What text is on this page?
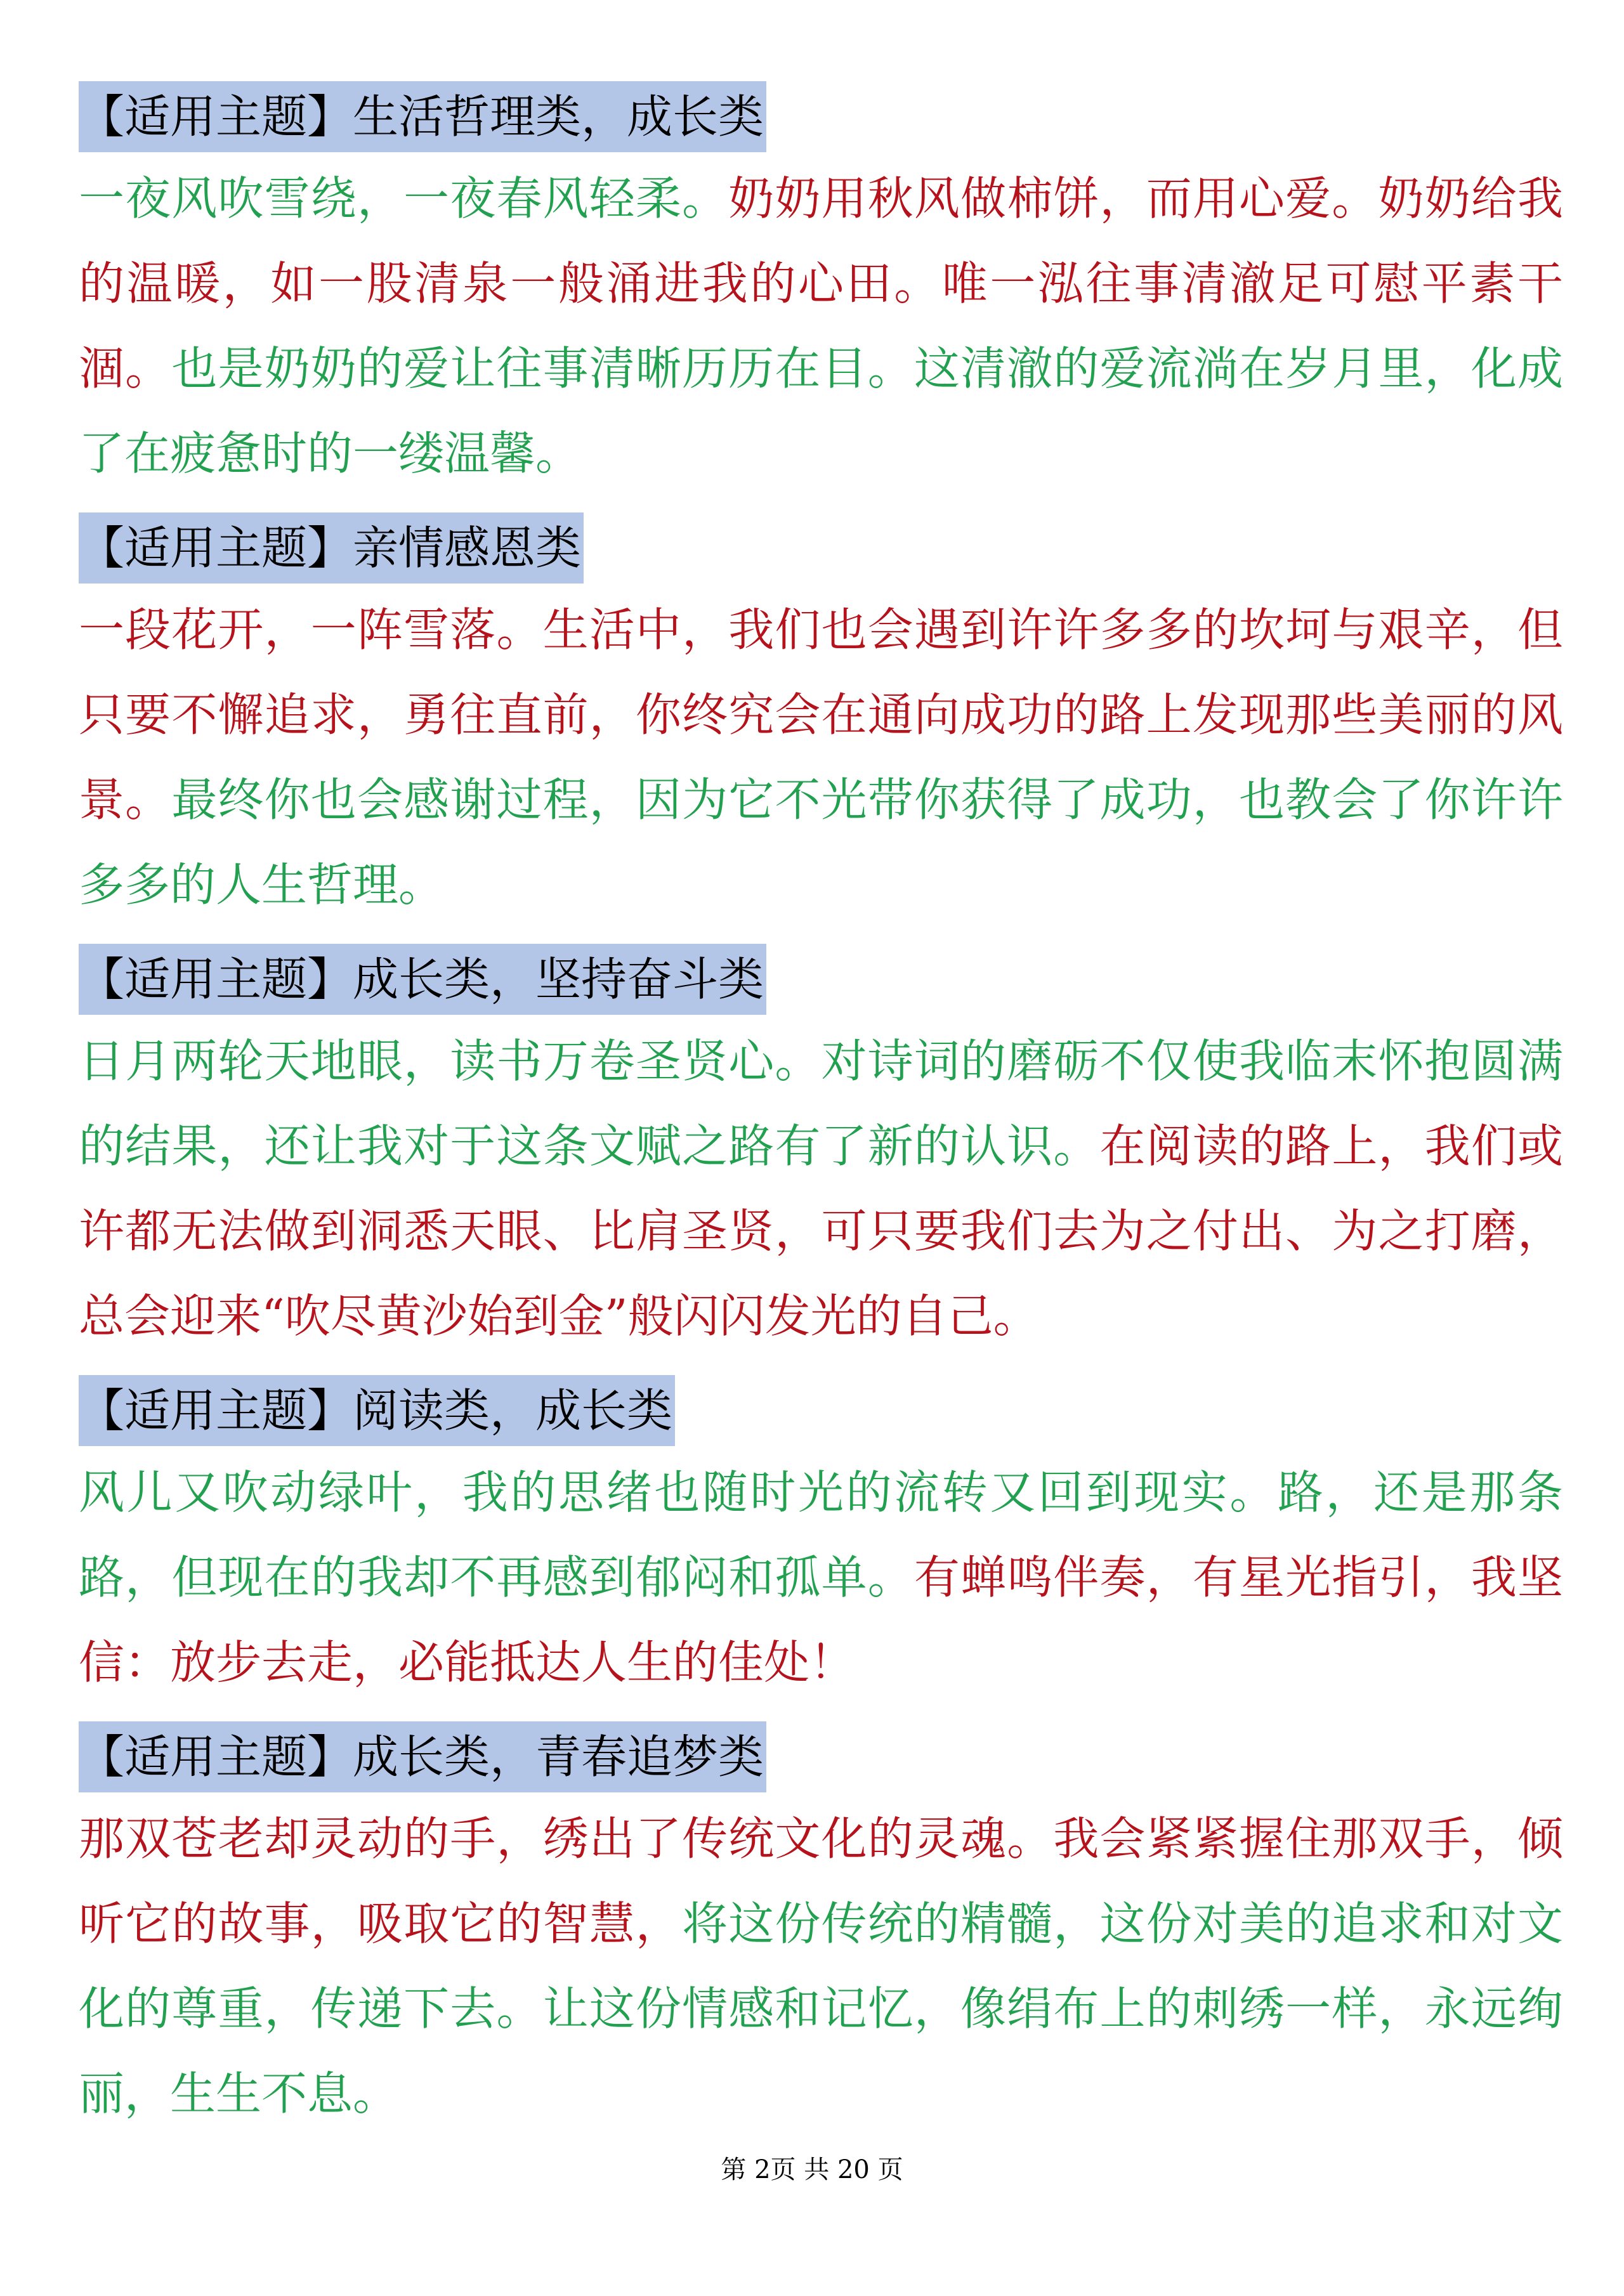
【适用主题】生活哲理类，成长类

一夜风吹雪绕，一夜春风轻柔。奶奶用秋风做柿饼，而用心爱。奶奶给我的温暖，如一股清泉一般涌进我的心田。唯一泓往事清澈足可慰平素干涸。也是奶奶的爱让往事清晰历历在目。这清澈的爱流淌在岁月里，化成了在疲惫时的一缕温馨。

【适用主题】亲情感恩类

一段花开，一阵雪落。生活中，我们也会遇到许许多多的坎坷与艰辛，但只要不懈追求，勇往直前，你终究会在通向成功的路上发现那些美丽的风景。最终你也会感谢过程，因为它不光带你获得了成功，也教会了你许许多多的人生哲理。

【适用主题】成长类，坚持奋斗类

日月两轮天地眼，读书万卷圣贤心。对诗词的磨砺不仅使我临末怀抱圆满的结果，还让我对于这条文赋之路有了新的认识。在阅读的路上，我们或许都无法做到洞悉天眼、比肩圣贤，可只要我们去为之付出、为之打磨，总会迎来“吹尽黄沙始到金”般闪闪发光的自己。

【适用主题】阅读类，成长类

风儿又吹动绿叶，我的思绪也随时光的流转又回到现实。路，还是那条路，但现在的我却不再感到郁闷和孤单。有蝉鸣伴奏，有星光指引，我坚信：放步去走，必能抵达人生的佳处！

【适用主题】成长类，青春追梦类

那双苍老却灵动的手，绣出了传统文化的灵魂。我会紧紧握住那双手，倾听它的故事，吸取它的智慧，将这份传统的精髓，这份对美的追求和对文化的尊重，传递下去。让这份情感和记忆，像绢布上的刺绣一样，永远绚丽，生生不息。

第 2页 共 20 页
